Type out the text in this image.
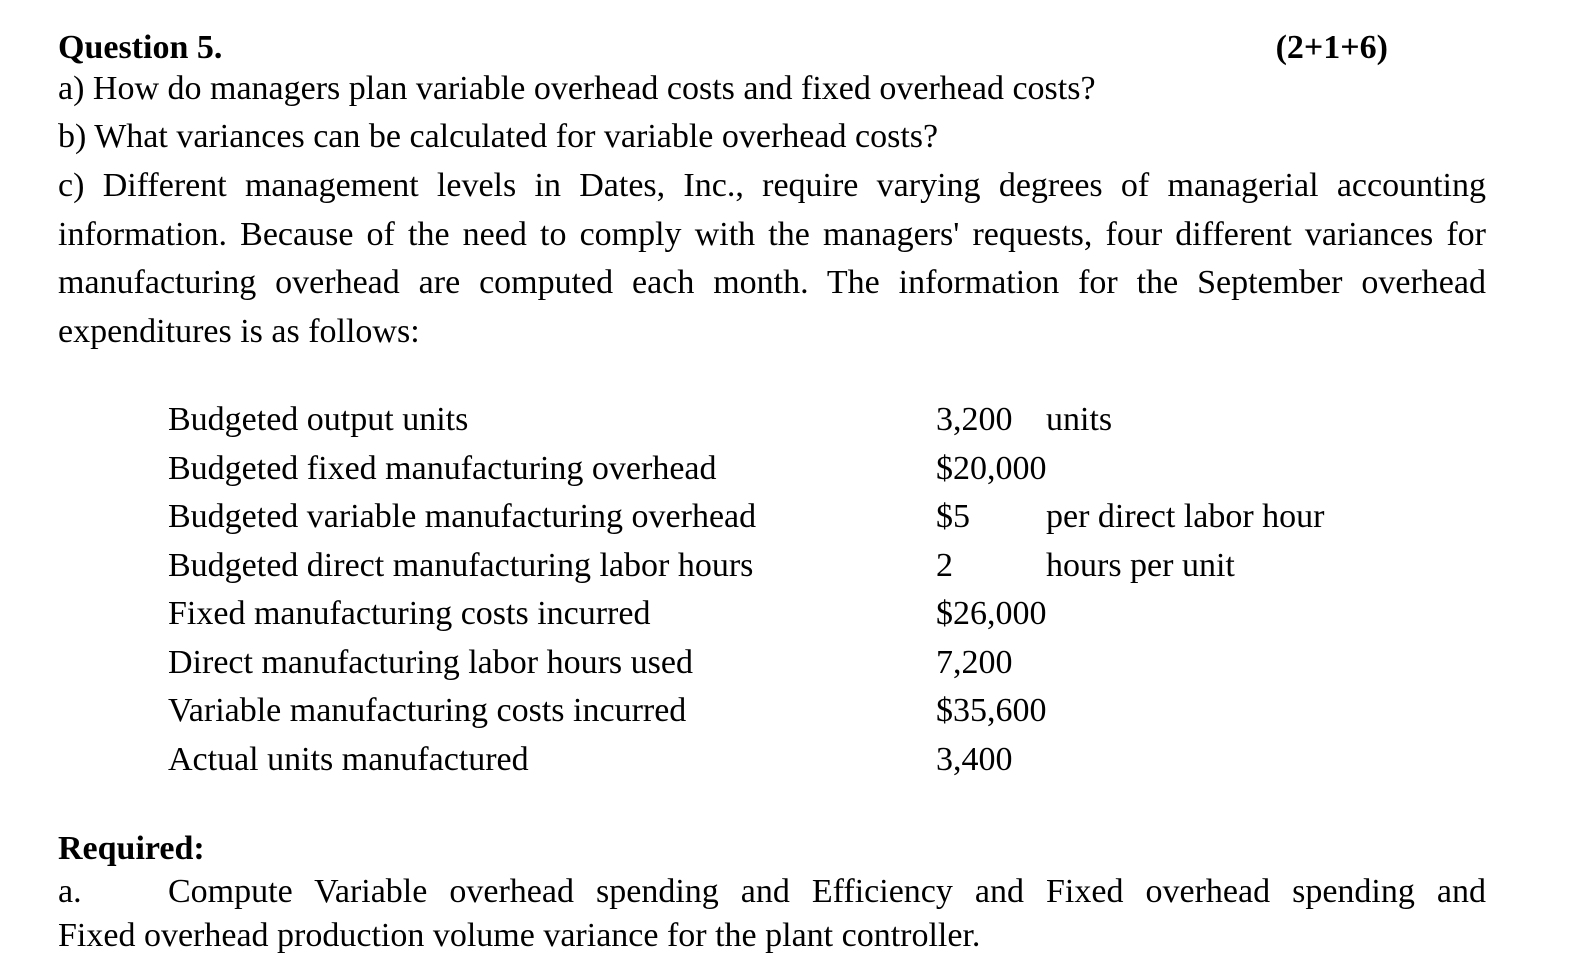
Question 5.	(2+1+6)
a) How do managers plan variable overhead costs and fixed overhead costs?
b) What variances can be calculated for variable overhead costs?
c) Different management levels in Dates, Inc., require varying degrees of managerial accounting information. Because of the need to comply with the managers' requests, four different variances for manufacturing overhead are computed each month. The information for the September overhead expenditures is as follows:
Budgeted output units	3,200 units
Budgeted fixed manufacturing overhead	$20,000
Budgeted variable manufacturing overhead	$5 per direct labor hour
Budgeted direct manufacturing labor hours	2	hours per unit
Fixed manufacturing costs incurred	$26,000
Direct manufacturing labor hours used	7,200
Variable manufacturing costs incurred	$35,600
Actual units manufactured	3,400
Required:
a.	Compute Variable overhead spending and Efficiency and Fixed overhead spending and
Fixed overhead production volume variance for the plant controller.
